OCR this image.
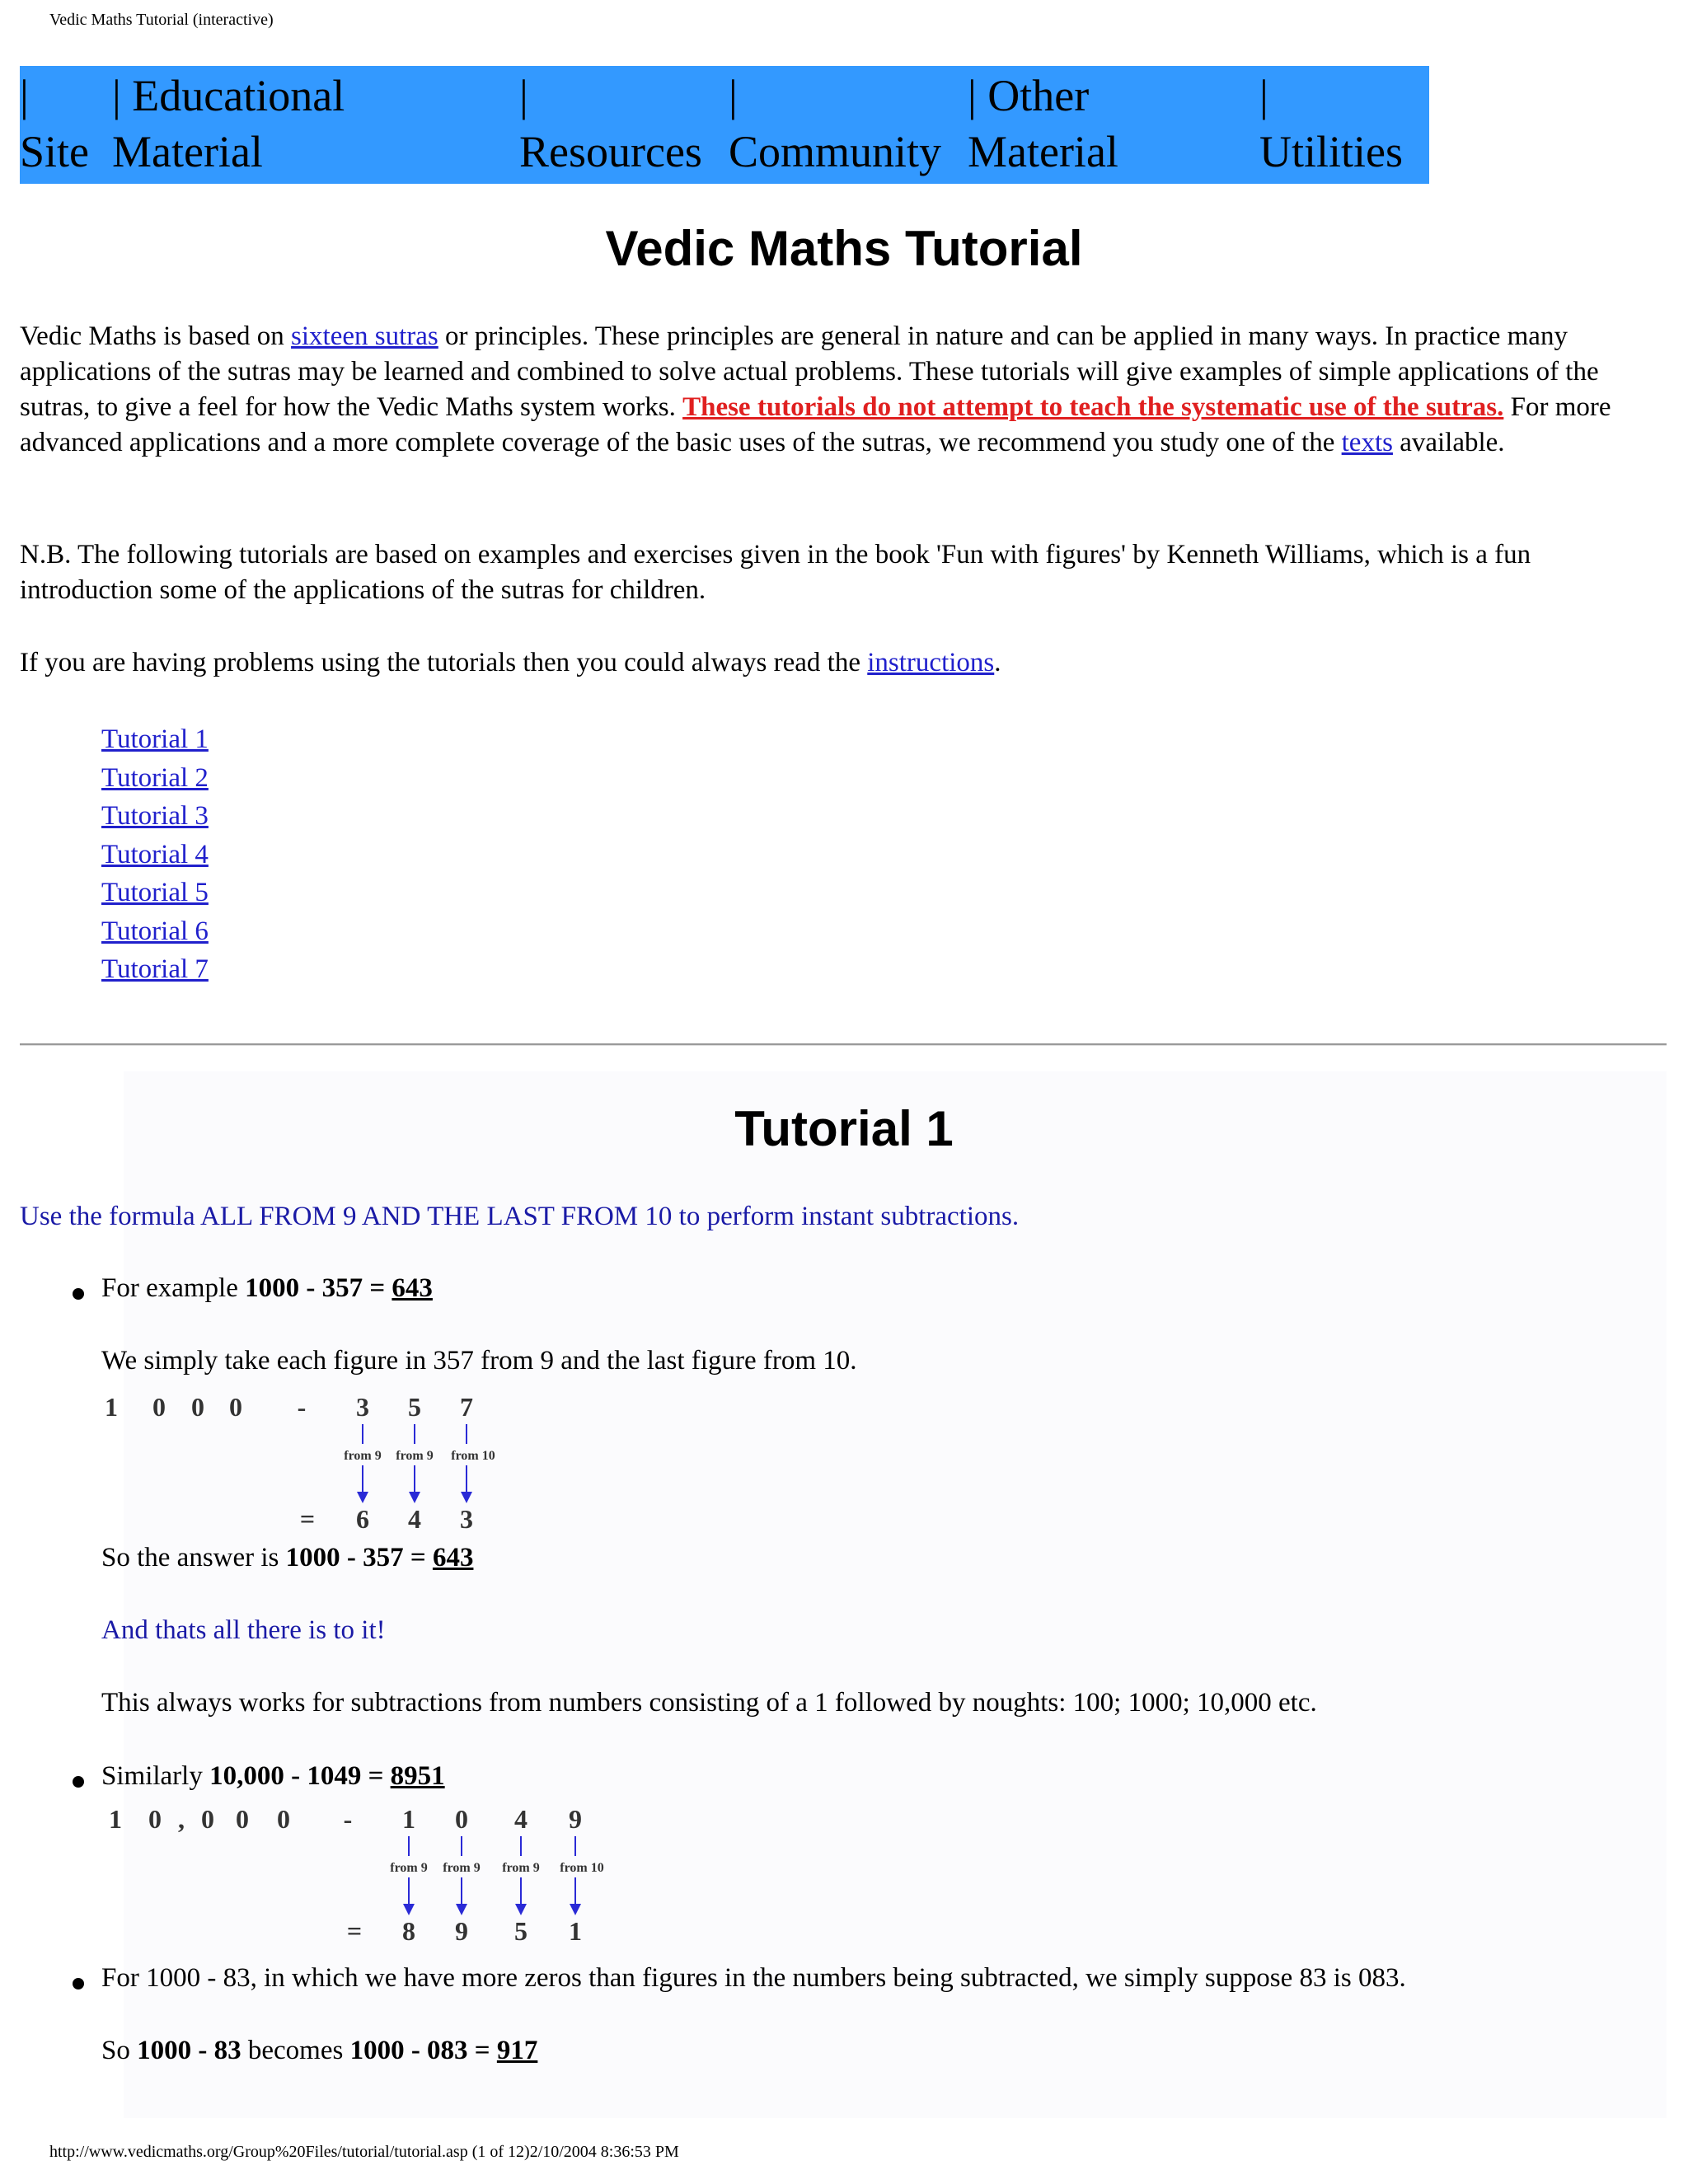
Vedic Maths Tutorial (interactive)
|
Site
| Educational
Material
|
Resources
|
Community
| Other
Material
|
Utilities
Vedic Maths Tutorial

Vedic Maths is based on sixteen sutras or principles. These principles are general in nature and can be applied in many ways. In practice many applications of the sutras may be learned and combined to solve actual problems. These tutorials will give examples of simple applications of the sutras, to give a feel for how the Vedic Maths system works. These tutorials do not attempt to teach the systematic use of the sutras. For more advanced applications and a more complete coverage of the basic uses of the sutras, we recommend you study one of the texts available.

N.B. The following tutorials are based on examples and exercises given in the book 'Fun with figures' by Kenneth Williams, which is a fun introduction some of the applications of the sutras for children.

If you are having problems using the tutorials then you could always read the instructions.

Tutorial 1
Tutorial 2
Tutorial 3
Tutorial 4
Tutorial 5
Tutorial 6
Tutorial 7
Tutorial 1

Use the formula ALL FROM 9 AND THE LAST FROM 10 to perform instant subtractions.

For example 1000 - 357 = 643

We simply take each figure in 357 from 9 and the last figure from 10.

1 0 0 0 - 3 5 7
from 9 from 9 from 10
= 6 4 3

So the answer is 1000 - 357 = 643

And thats all there is to it!

This always works for subtractions from numbers consisting of a 1 followed by noughts: 100; 1000; 10,000 etc.

Similarly 10,000 - 1049 = 8951

1 0 , 0 0 0 - 1 0 4 9
from 9 from 9 from 9 from 10
= 8 9 5 1

For 1000 - 83, in which we have more zeros than figures in the numbers being subtracted, we simply suppose 83 is 083.

So 1000 - 83 becomes 1000 - 083 = 917

http://www.vedicmaths.org/Group%20Files/tutorial/tutorial.asp (1 of 12)2/10/2004 8:36:53 PM
